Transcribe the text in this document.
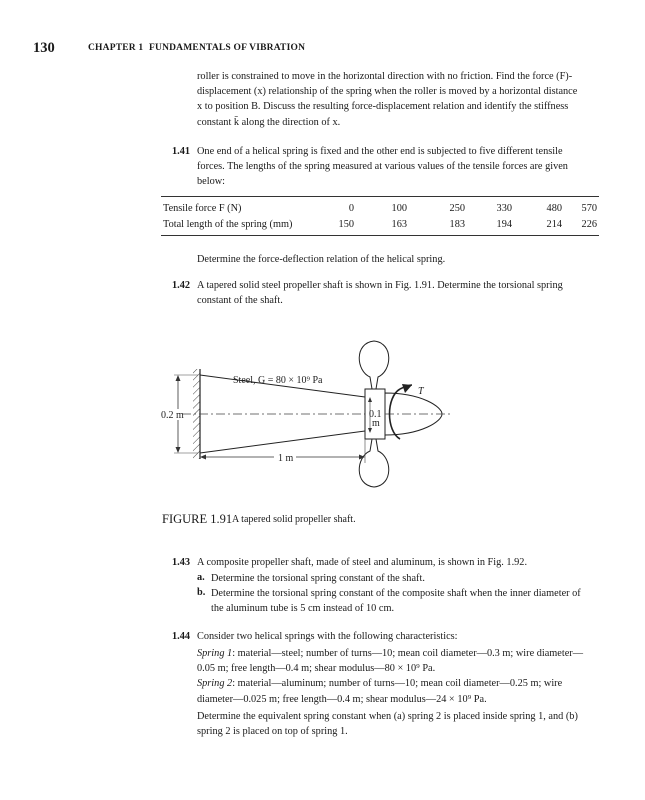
130	CHAPTER 1 FUNDAMENTALS OF VIBRATION
roller is constrained to move in the horizontal direction with no friction. Find the force (F)-
displacement (x) relationship of the spring when the roller is moved by a horizontal distance
x to position B. Discuss the resulting force-displacement relation and identify the stiffness
constant k̄ along the direction of x.
1.41 One end of a helical spring is fixed and the other end is subjected to five different tensile
forces. The lengths of the spring measured at various values of the tensile forces are given
below:
Tensile force F (N)	0	100	250	330	480	570
Total length of the spring (mm)	150	163	183	194	214	226
Determine the force-deflection relation of the helical spring.
1.42 A tapered solid steel propeller shaft is shown in Fig. 1.91. Determine the torsional spring
constant of the shaft.
Steel, G = 80 × 10⁹ Pa
0.2 m	0.1
m
1 m
T
FIGURE 1.91 A tapered solid propeller shaft.
1.43 A composite propeller shaft, made of steel and aluminum, is shown in Fig. 1.92.
a. Determine the torsional spring constant of the shaft.
b. Determine the torsional spring constant of the composite shaft when the inner diameter of
the aluminum tube is 5 cm instead of 10 cm.
1.44 Consider two helical springs with the following characteristics:
Spring 1: material—steel; number of turns—10; mean coil diameter—0.3 m; wire diameter—
0.05 m; free length—0.4 m; shear modulus—80 × 10⁹ Pa.
Spring 2: material—aluminum; number of turns—10; mean coil diameter—0.25 m; wire
diameter—0.025 m; free length—0.4 m; shear modulus—24 × 10⁹ Pa.
Determine the equivalent spring constant when (a) spring 2 is placed inside spring 1, and (b)
spring 2 is placed on top of spring 1.
